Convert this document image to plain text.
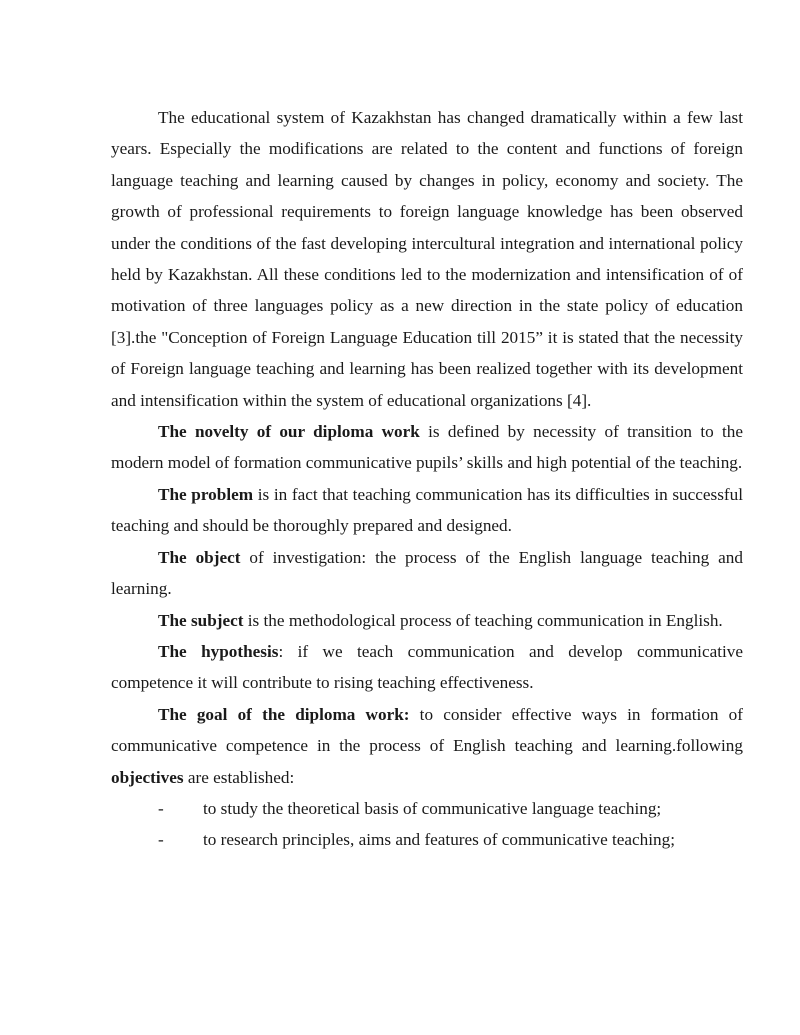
The educational system of Kazakhstan has changed dramatically within a few last years. Especially the modifications are related to the content and functions of foreign language teaching and learning caused by changes in policy, economy and society. The growth of professional requirements to foreign language knowledge has been observed under the conditions of the fast developing intercultural integration and international policy held by Kazakhstan. All these conditions led to the modernization and intensification of of motivation of three languages policy as a new direction in the state policy of education [3].the "Conception of Foreign Language Education till 2015” it is stated that the necessity of Foreign language teaching and learning has been realized together with its development and intensification within the system of educational organizations [4].

The novelty of our diploma work is defined by necessity of transition to the modern model of formation communicative pupils’ skills and high potential of the teaching.

The problem is in fact that teaching communication has its difficulties in successful teaching and should be thoroughly prepared and designed.

The object of investigation: the process of the English language teaching and learning.

The subject is the methodological process of teaching communication in English.

The hypothesis: if we teach communication and develop communicative competence it will contribute to rising teaching effectiveness.

The goal of the diploma work: to consider effective ways in formation of communicative competence in the process of English teaching and learning.following objectives are established:

- to study the theoretical basis of communicative language teaching;

- to research principles, aims and features of communicative teaching;
